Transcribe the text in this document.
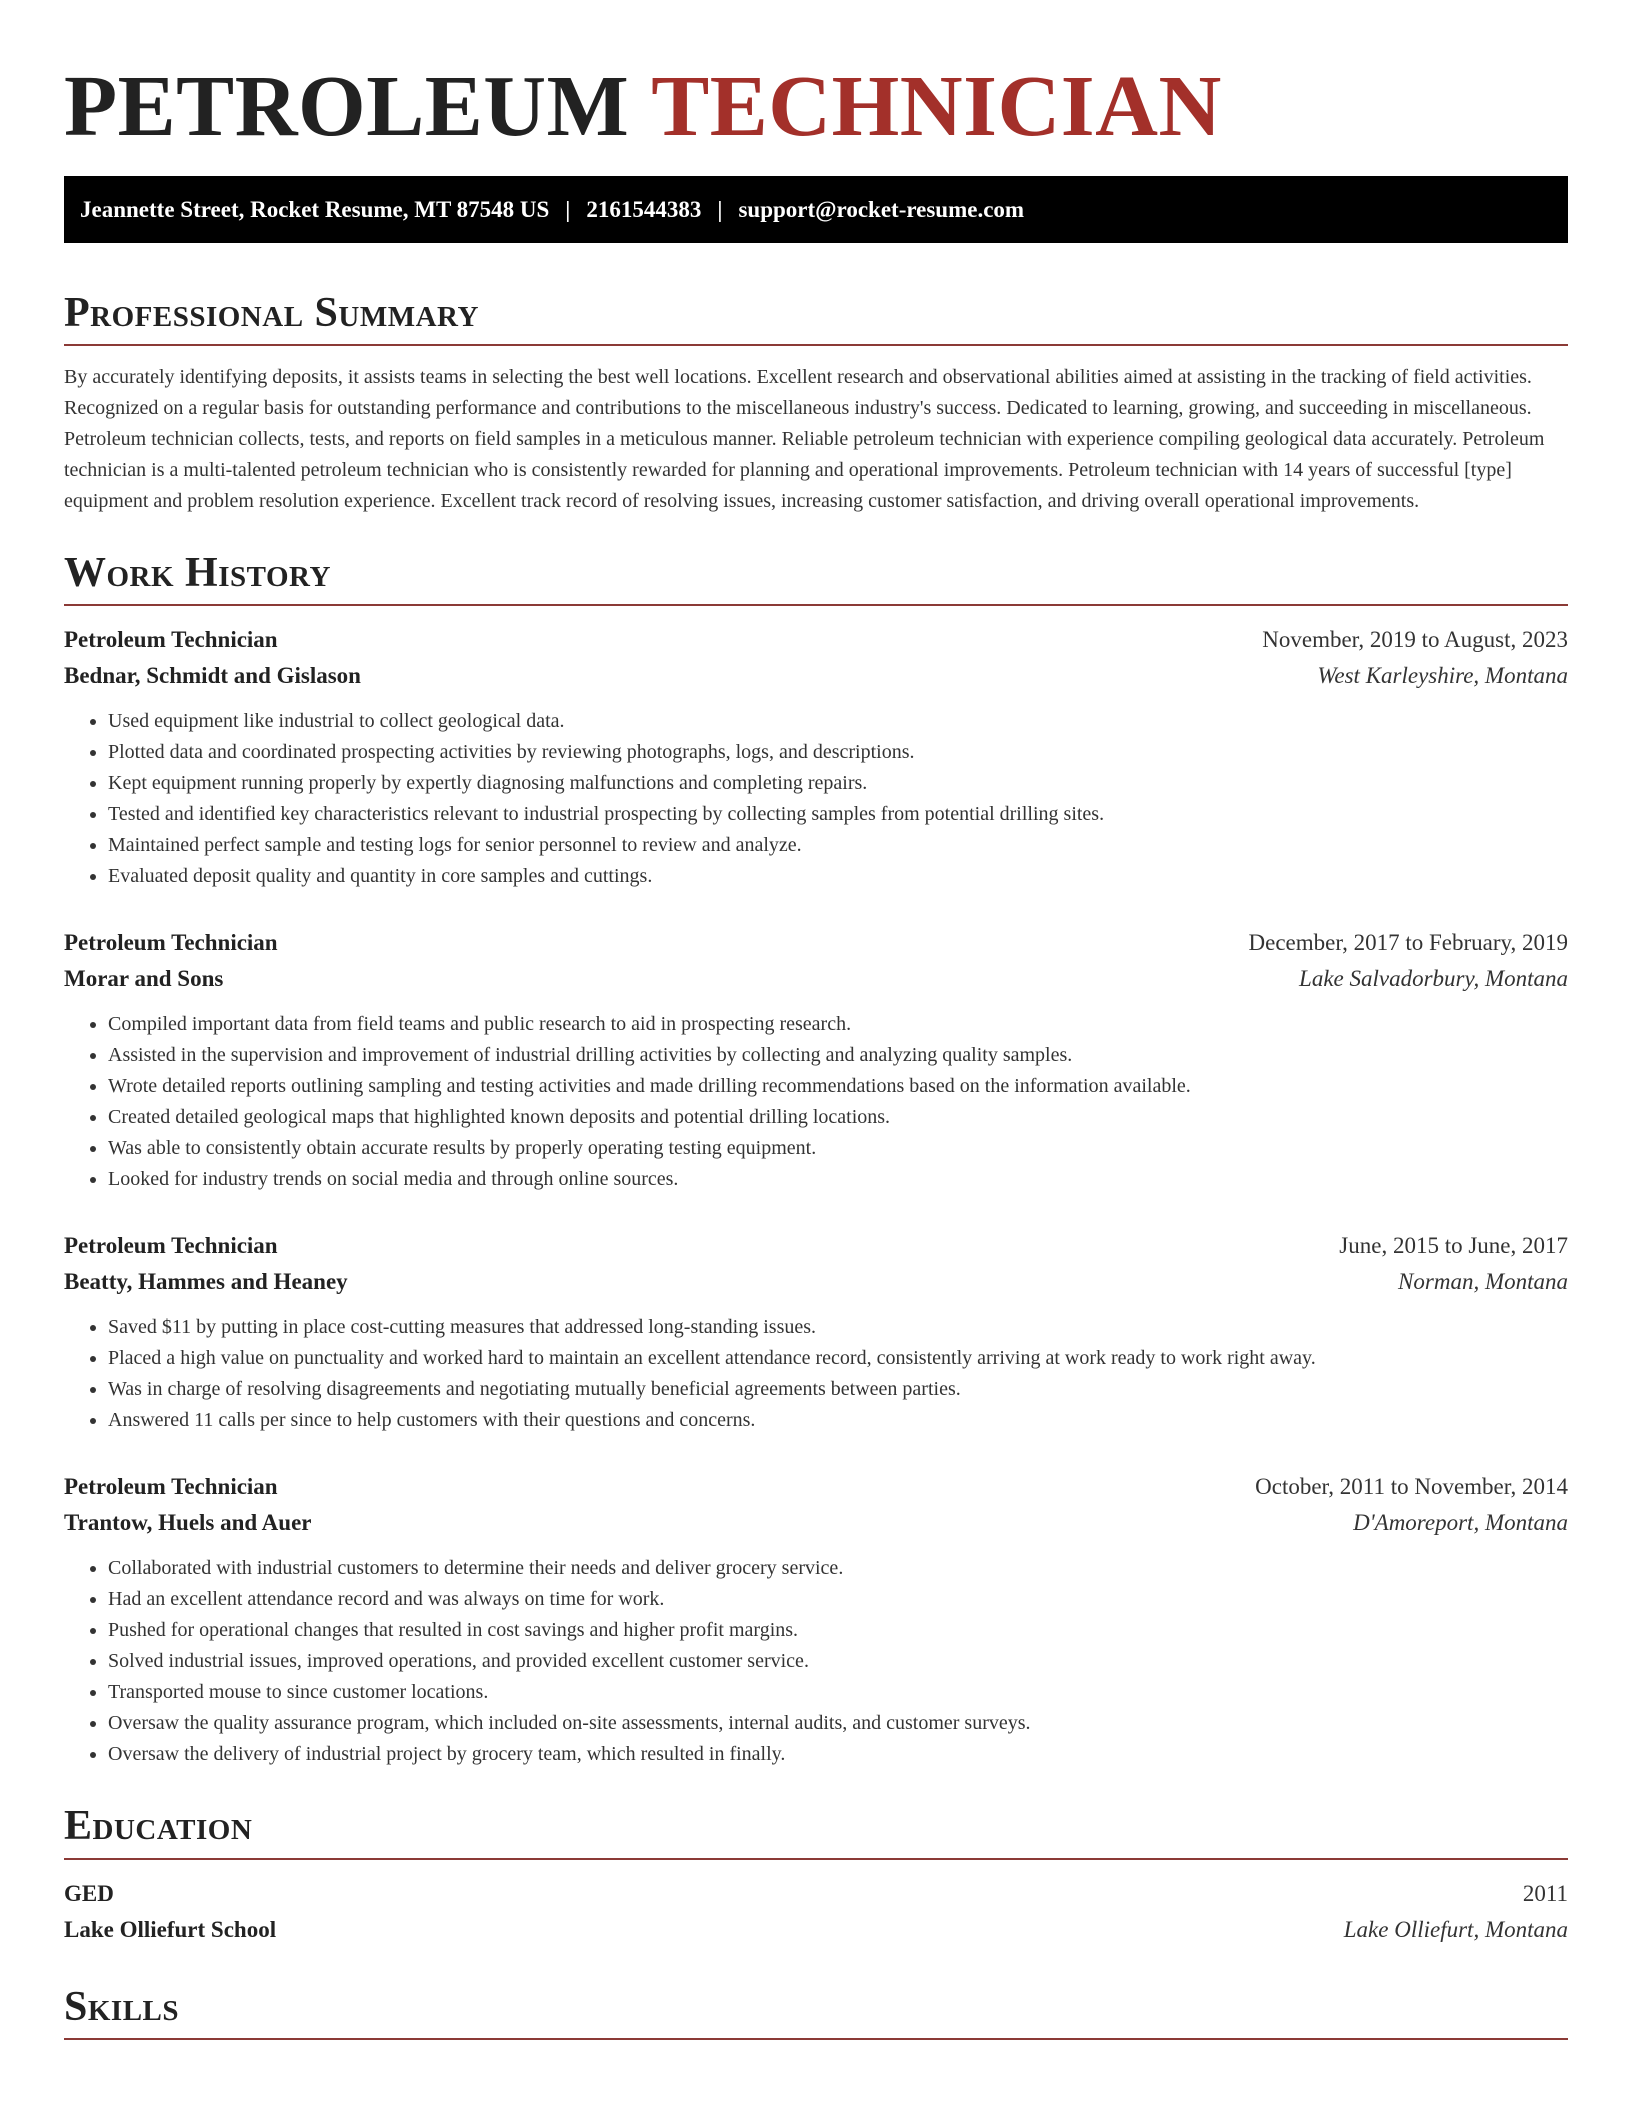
PETROLEUM TECHNICIAN
Jeannette Street, Rocket Resume, MT 87548 US | 2161544383 | support@rocket-resume.com
Professional Summary

By accurately identifying deposits, it assists teams in selecting the best well locations. Excellent research and observational abilities aimed at assisting in the tracking of field activities. Recognized on a regular basis for outstanding performance and contributions to the miscellaneous industry's success. Dedicated to learning, growing, and succeeding in miscellaneous. Petroleum technician collects, tests, and reports on field samples in a meticulous manner. Reliable petroleum technician with experience compiling geological data accurately. Petroleum technician is a multi-talented petroleum technician who is consistently rewarded for planning and operational improvements. Petroleum technician with 14 years of successful [type] equipment and problem resolution experience. Excellent track record of resolving issues, increasing customer satisfaction, and driving overall operational improvements.

Work History
Petroleum Technician	November, 2019 to August, 2023
Bednar, Schmidt and Gislason	West Karleyshire, Montana
• Used equipment like industrial to collect geological data.
• Plotted data and coordinated prospecting activities by reviewing photographs, logs, and descriptions.
• Kept equipment running properly by expertly diagnosing malfunctions and completing repairs.
• Tested and identified key characteristics relevant to industrial prospecting by collecting samples from potential drilling sites.
• Maintained perfect sample and testing logs for senior personnel to review and analyze.
• Evaluated deposit quality and quantity in core samples and cuttings.
Petroleum Technician	December, 2017 to February, 2019
Morar and Sons	Lake Salvadorbury, Montana
• Compiled important data from field teams and public research to aid in prospecting research.
• Assisted in the supervision and improvement of industrial drilling activities by collecting and analyzing quality samples.
• Wrote detailed reports outlining sampling and testing activities and made drilling recommendations based on the information available.
• Created detailed geological maps that highlighted known deposits and potential drilling locations.
• Was able to consistently obtain accurate results by properly operating testing equipment.
• Looked for industry trends on social media and through online sources.
Petroleum Technician	June, 2015 to June, 2017
Beatty, Hammes and Heaney	Norman, Montana
• Saved $11 by putting in place cost-cutting measures that addressed long-standing issues.
• Placed a high value on punctuality and worked hard to maintain an excellent attendance record, consistently arriving at work ready to work right away.
• Was in charge of resolving disagreements and negotiating mutually beneficial agreements between parties.
• Answered 11 calls per since to help customers with their questions and concerns.
Petroleum Technician	October, 2011 to November, 2014
Trantow, Huels and Auer	D'Amoreport, Montana
• Collaborated with industrial customers to determine their needs and deliver grocery service.
• Had an excellent attendance record and was always on time for work.
• Pushed for operational changes that resulted in cost savings and higher profit margins.
• Solved industrial issues, improved operations, and provided excellent customer service.
• Transported mouse to since customer locations.
• Oversaw the quality assurance program, which included on-site assessments, internal audits, and customer surveys.
• Oversaw the delivery of industrial project by grocery team, which resulted in finally.
Education
GED	2011
Lake Olliefurt School	Lake Olliefurt, Montana
Skills
